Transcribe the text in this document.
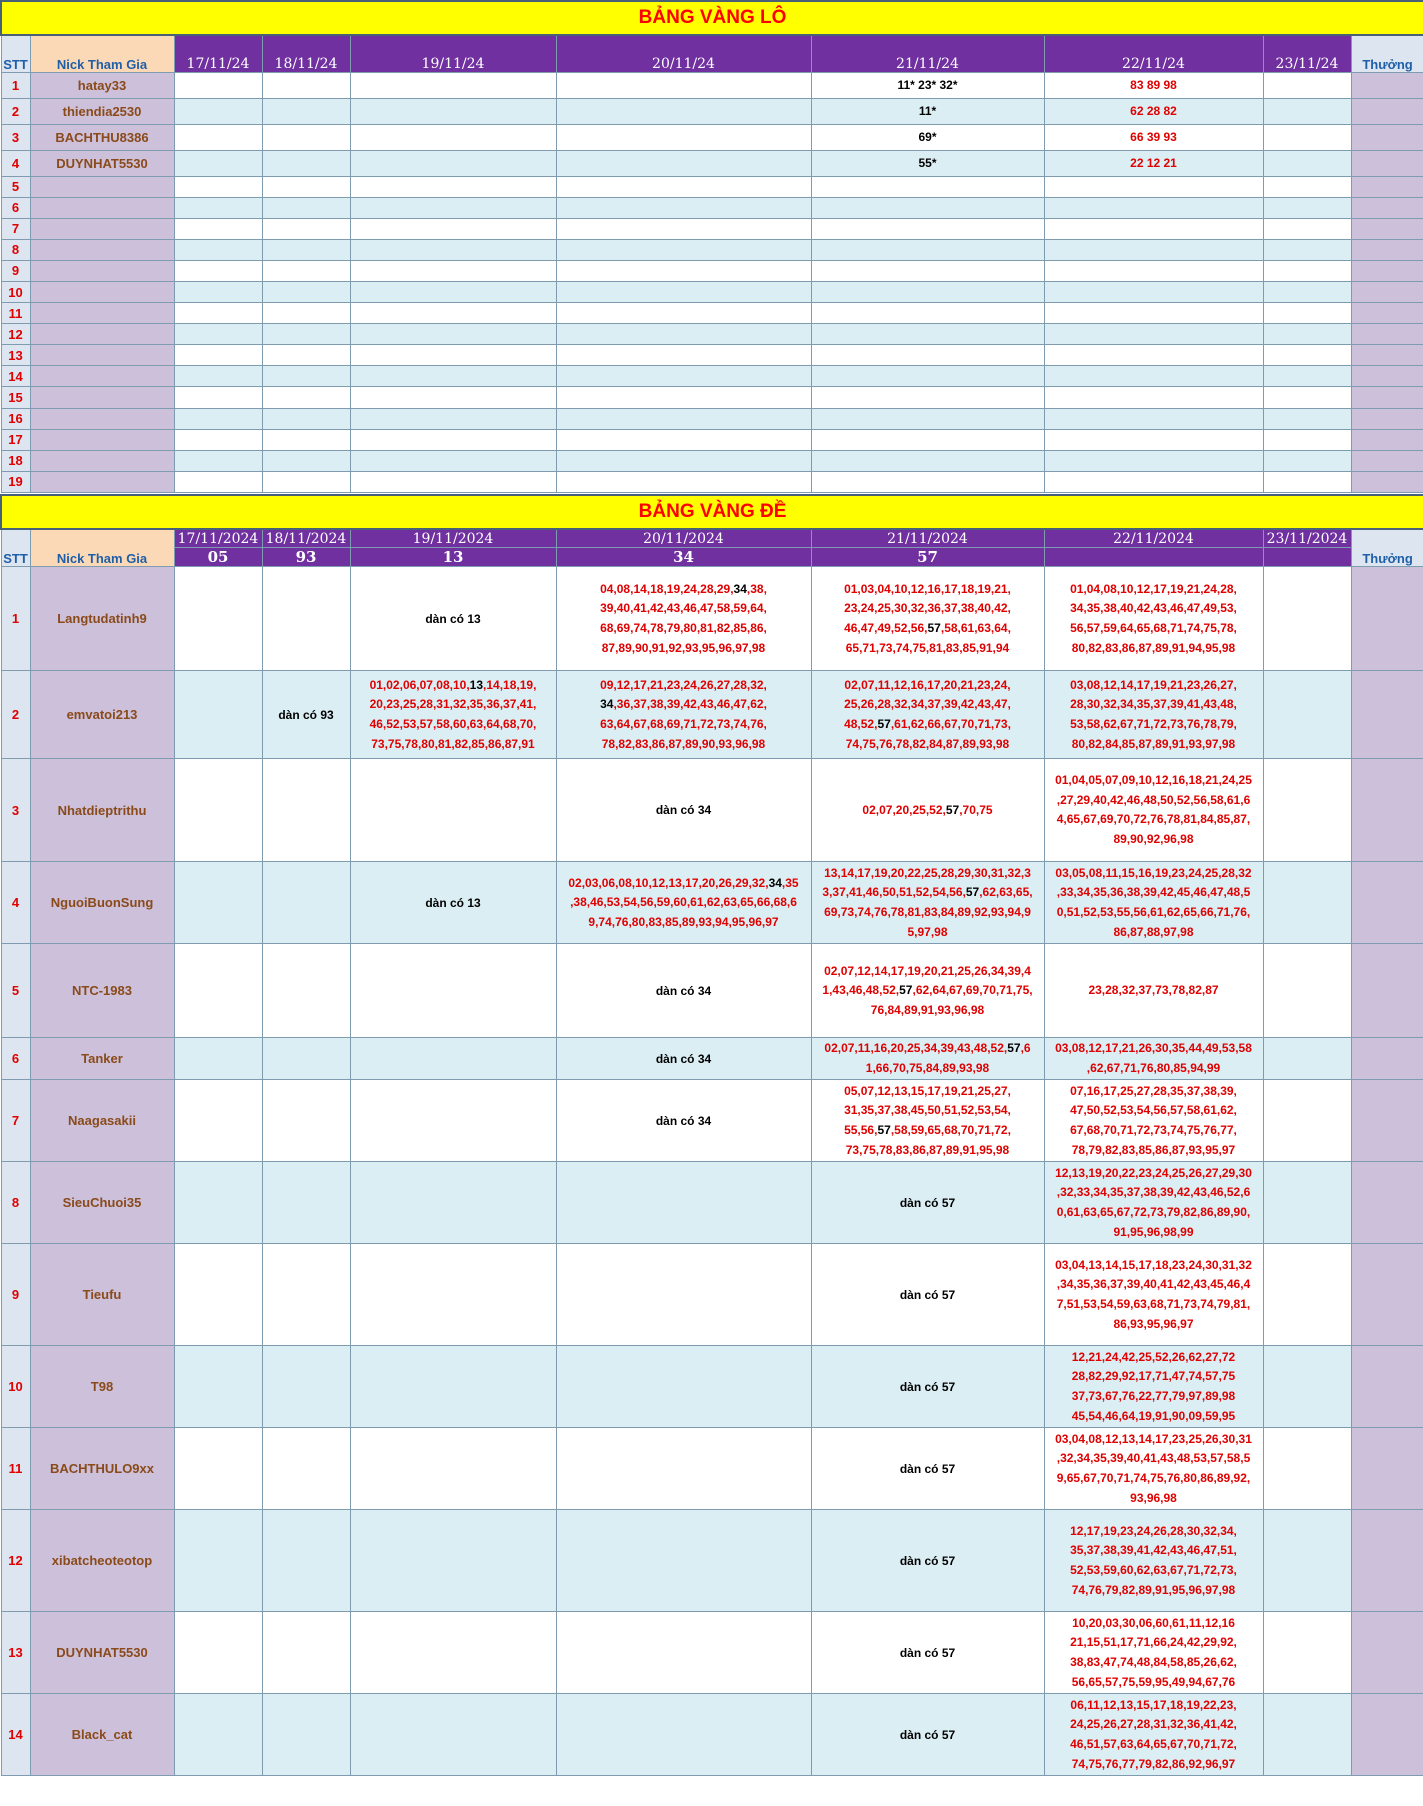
BẢNG VÀNG LÔ									
STT	Nick Tham Gia	17/11/24	18/11/24	19/11/24	20/11/24	21/11/24	22/11/24	23/11/24	Thưởng
1	hatay33					11* 23* 32*	83 89 98		
2	thiendia2530					11*	62 28 82		
3	BACHTHU8386					69*	66 39 93		
4	DUYNHAT5530					55*	22 12 21		
5									
6									
7									
8									
9									
10									
11									
12									
13									
14									
15									
16									
17									
18									
19									
BẢNG VÀNG ĐỀ									
STT	Nick Tham Gia	17/11/2024	18/11/2024	19/11/2024	20/11/2024	21/11/2024	22/11/2024	23/11/2024	Thưởng
		05	93	13	34	57			
1	Langtudatinh9			dàn có 13	04,08,14,18,19,24,28,29,34,38,
39,40,41,42,43,46,47,58,59,64,
68,69,74,78,79,80,81,82,85,86,
87,89,90,91,92,93,95,96,97,98	01,03,04,10,12,16,17,18,19,21,
23,24,25,30,32,36,37,38,40,42,
46,47,49,52,56,57,58,61,63,64,
65,71,73,74,75,81,83,85,91,94	01,04,08,10,12,17,19,21,24,28,
34,35,38,40,42,43,46,47,49,53,
56,57,59,64,65,68,71,74,75,78,
80,82,83,86,87,89,91,94,95,98		

2	emvatoi213		dàn có 93	01,02,06,07,08,10,13,14,18,19,
20,23,25,28,31,32,35,36,37,41,
46,52,53,57,58,60,63,64,68,70,
73,75,78,80,81,82,85,86,87,91	09,12,17,21,23,24,26,27,28,32,
34,36,37,38,39,42,43,46,47,62,
63,64,67,68,69,71,72,73,74,76,
78,82,83,86,87,89,90,93,96,98	02,07,11,12,16,17,20,21,23,24,
25,26,28,32,34,37,39,42,43,47,
48,52,57,61,62,66,67,70,71,73,
74,75,76,78,82,84,87,89,93,98	03,08,12,14,17,19,21,23,26,27,
28,30,32,34,35,37,39,41,43,48,
53,58,62,67,71,72,73,76,78,79,
80,82,84,85,87,89,91,93,97,98		

3	Nhatdieptrithu				dàn có 34	02,07,20,25,52,57,70,75	01,04,05,07,09,10,12,16,18,21,24,25
,27,29,40,42,46,48,50,52,56,58,61,6
4,65,67,69,70,72,76,78,81,84,85,87,
89,90,92,96,98		

4	NguoiBuonSung			dàn có 13	02,03,06,08,10,12,13,17,20,26,29,32,34,35
,38,46,53,54,56,59,60,61,62,63,65,66,68,6
9,74,76,80,83,85,89,93,94,95,96,97	13,14,17,19,20,22,25,28,29,30,31,32,3
3,37,41,46,50,51,52,54,56,57,62,63,65,
69,73,74,76,78,81,83,84,89,92,93,94,9
5,97,98	03,05,08,11,15,16,19,23,24,25,28,32
,33,34,35,36,38,39,42,45,46,47,48,5
0,51,52,53,55,56,61,62,65,66,71,76,
86,87,88,97,98		

5	NTC-1983				dàn có 34	02,07,12,14,17,19,20,21,25,26,34,39,4
1,43,46,48,52,57,62,64,67,69,70,71,75,
76,84,89,91,93,96,98	23,28,32,37,73,78,82,87		

6	Tanker				dàn có 34	02,07,11,16,20,25,34,39,43,48,52,57,6
1,66,70,75,84,89,93,98	03,08,12,17,21,26,30,35,44,49,53,58
,62,67,71,76,80,85,94,99		

7	Naagasakii				dàn có 34	05,07,12,13,15,17,19,21,25,27,
31,35,37,38,45,50,51,52,53,54,
55,56,57,58,59,65,68,70,71,72,
73,75,78,83,86,87,89,91,95,98	07,16,17,25,27,28,35,37,38,39,
47,50,52,53,54,56,57,58,61,62,
67,68,70,71,72,73,74,75,76,77,
78,79,82,83,85,86,87,93,95,97		

8	SieuChuoi35					dàn có 57	12,13,19,20,22,23,24,25,26,27,29,30
,32,33,34,35,37,38,39,42,43,46,52,6
0,61,63,65,67,72,73,79,82,86,89,90,
91,95,96,98,99		

9	Tieufu					dàn có 57	03,04,13,14,15,17,18,23,24,30,31,32
,34,35,36,37,39,40,41,42,43,45,46,4
7,51,53,54,59,63,68,71,73,74,79,81,
86,93,95,96,97		

10	T98					dàn có 57	12,21,24,42,25,52,26,62,27,72
28,82,29,92,17,71,47,74,57,75
37,73,67,76,22,77,79,97,89,98
45,54,46,64,19,91,90,09,59,95		

11	BACHTHULO9xx					dàn có 57	03,04,08,12,13,14,17,23,25,26,30,31
,32,34,35,39,40,41,43,48,53,57,58,5
9,65,67,70,71,74,75,76,80,86,89,92,
93,96,98		

12	xibatcheoteotop					dàn có 57	12,17,19,23,24,26,28,30,32,34,
35,37,38,39,41,42,43,46,47,51,
52,53,59,60,62,63,67,71,72,73,
74,76,79,82,89,91,95,96,97,98		

13	DUYNHAT5530					dàn có 57	10,20,03,30,06,60,61,11,12,16
21,15,51,17,71,66,24,42,29,92,
38,83,47,74,48,84,58,85,26,62,
56,65,57,75,59,95,49,94,67,76		

14	Black_cat					dàn có 57	06,11,12,13,15,17,18,19,22,23,
24,25,26,27,28,31,32,36,41,42,
46,51,57,63,64,65,67,70,71,72,
74,75,76,77,79,82,86,92,96,97		
